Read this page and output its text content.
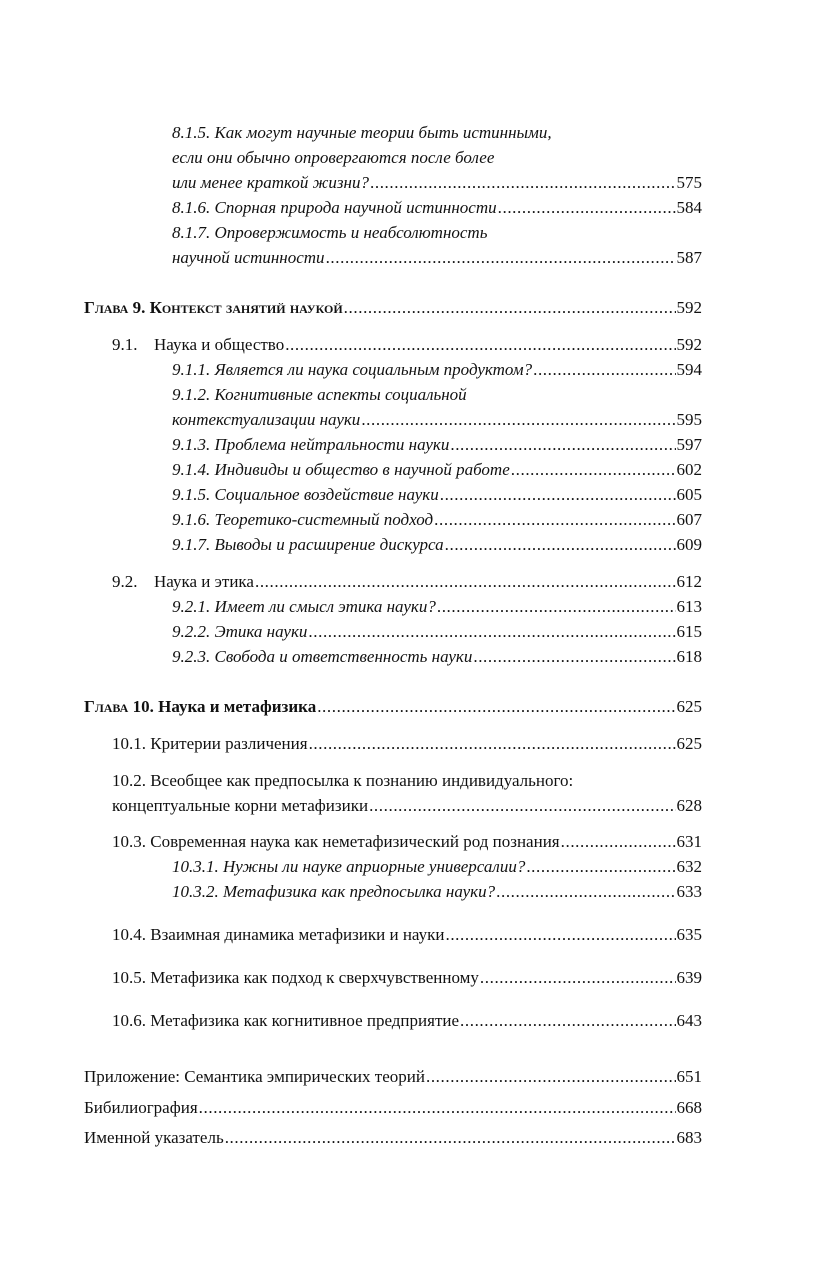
8.1.5. Как могут научные теории быть истинными,
если они обычно опровергаются после более
или менее краткой жизни? .....	575
8.1.6. Спорная природа научной истинности .....	584
8.1.7. Опровержимость и неабсолютность
научной истинности .....	587
Глава 9. Контекст занятий наукой .....	592
9.1. Наука и общество .....	592
9.1.1. Является ли наука социальным продуктом? .....	594
9.1.2. Когнитивные аспекты социальной
контекстуализации науки .....	595
9.1.3. Проблема нейтральности науки .....	597
9.1.4. Индивиды и общество в научной работе .....	602
9.1.5. Социальное воздействие науки .....	605
9.1.6. Теоретико-системный подход .....	607
9.1.7. Выводы и расширение дискурса .....	609
9.2. Наука и этика .....	612
9.2.1. Имеет ли смысл этика науки? .....	613
9.2.2. Этика науки .....	615
9.2.3. Свобода и ответственность науки .....	618
Глава 10. Наука и метафизика .....	625
10.1. Критерии различения .....	625
10.2. Всеобщее как предпосылка к познанию индивидуального:
концептуальные корни метафизики .....	628
10.3. Современная наука как неметафизический род познания .....	631
10.3.1. Нужны ли науке априорные универсалии? .....	632
10.3.2. Метафизика как предпосылка науки? .....	633
10.4. Взаимная динамика метафизики и науки .....	635
10.5. Метафизика как подход к сверхчувственному .....	639
10.6. Метафизика как когнитивное предприятие .....	643
Приложение: Семантика эмпирических теорий .....	651
Бибилиография .....	668
Именной указатель .....	683
